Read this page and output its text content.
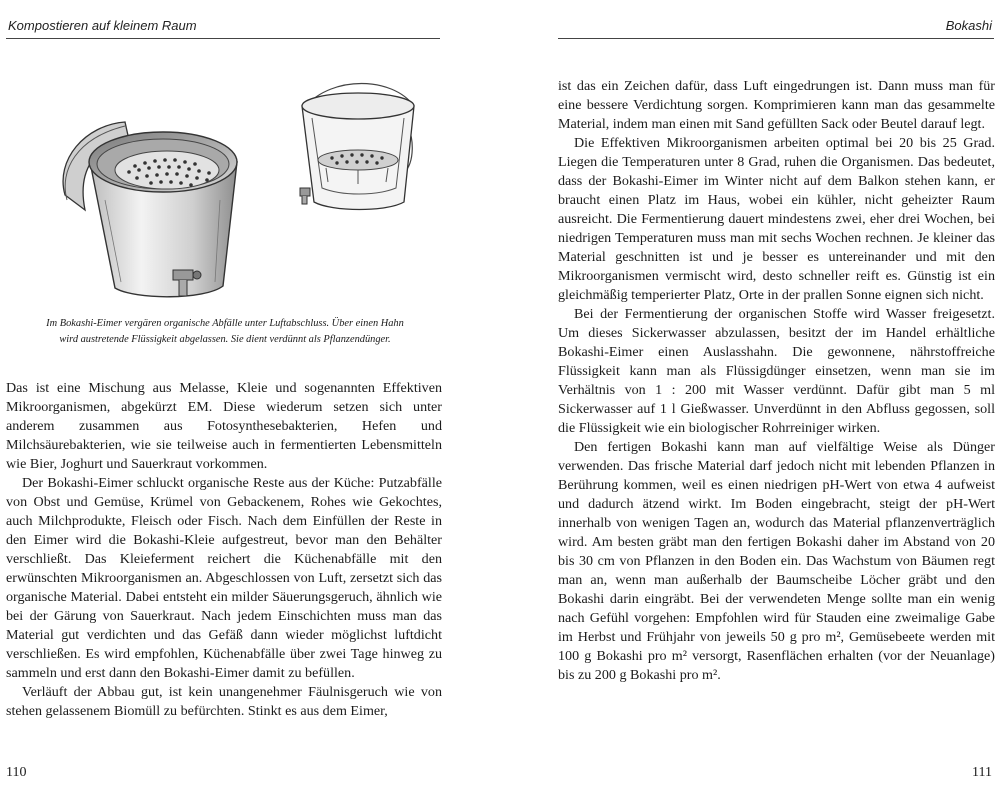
Kompostieren auf kleinem Raum
Im Bokashi-Eimer vergären organische Abfälle unter Luftabschluss. Über einen Hahn
wird austretende Flüssigkeit abgelassen. Sie dient verdünnt als Pflanzendünger.

Das ist eine Mischung aus Melasse, Kleie und sogenannten Effektiven Mikroorganismen, abgekürzt EM. Diese wiederum setzen sich unter anderem zusammen aus Fotosynthesebakterien, Hefen und Milchsäurebakterien, wie sie teilweise auch in fermentierten Lebensmitteln wie Bier, Joghurt und Sauerkraut vorkommen.

Der Bokashi-Eimer schluckt organische Reste aus der Küche: Putzabfälle von Obst und Gemüse, Krümel von Gebackenem, Rohes wie Gekochtes, auch Milchprodukte, Fleisch oder Fisch. Nach dem Einfüllen der Reste in den Eimer wird die Bokashi-Kleie aufgestreut, bevor man den Behälter verschließt. Das Kleieferment reichert die Küchenabfälle mit den erwünschten Mikroorganismen an. Abgeschlossen von Luft, zersetzt sich das organische Material. Dabei entsteht ein milder Säuerungsgeruch, ähnlich wie bei der Gärung von Sauerkraut. Nach jedem Einschichten muss man das Material gut verdichten und das Gefäß dann wieder möglichst luftdicht verschließen. Es wird empfohlen, Küchenabfälle über zwei Tage hinweg zu sammeln und erst dann den Bokashi-Eimer damit zu befüllen.

Verläuft der Abbau gut, ist kein unangenehmer Fäulnisgeruch wie von stehen gelassenem Biomüll zu befürchten. Stinkt es aus dem Eimer,

110
Bokashi

ist das ein Zeichen dafür, dass Luft eingedrungen ist. Dann muss man für eine bessere Verdichtung sorgen. Komprimieren kann man das gesammelte Material, indem man einen mit Sand gefüllten Sack oder Beutel darauf legt.

Die Effektiven Mikroorganismen arbeiten optimal bei 20 bis 25 Grad. Liegen die Temperaturen unter 8 Grad, ruhen die Organismen. Das bedeutet, dass der Bokashi-Eimer im Winter nicht auf dem Balkon stehen kann, er braucht einen Platz im Haus, wobei ein kühler, nicht geheizter Raum ausreicht. Die Fermentierung dauert mindestens zwei, eher drei Wochen, bei niedrigen Temperaturen muss man mit sechs Wochen rechnen. Je kleiner das Material geschnitten ist und je besser es untereinander und mit den Mikroorganismen vermischt wird, desto schneller reift es. Günstig ist ein gleichmäßig temperierter Platz, Orte in der prallen Sonne eignen sich nicht.

Bei der Fermentierung der organischen Stoffe wird Wasser freigesetzt. Um dieses Sickerwasser abzulassen, besitzt der im Handel erhältliche Bokashi-Eimer einen Auslasshahn. Die gewonnene, nährstoffreiche Flüssigkeit kann man als Flüssigdünger einsetzen, wenn man sie im Verhältnis von 1 : 200 mit Wasser verdünnt. Dafür gibt man 5 ml Sickerwasser auf 1 l Gießwasser. Unverdünnt in den Abfluss gegossen, soll die Flüssigkeit wie ein biologischer Rohrreiniger wirken.

Den fertigen Bokashi kann man auf vielfältige Weise als Dünger verwenden. Das frische Material darf jedoch nicht mit lebenden Pflanzen in Berührung kommen, weil es einen niedrigen pH-Wert von etwa 4 aufweist und dadurch ätzend wirkt. Im Boden eingebracht, steigt der pH-Wert innerhalb von wenigen Tagen an, wodurch das Material pflanzenverträglich wird. Am besten gräbt man den fertigen Bokashi daher im Abstand von 20 bis 30 cm von Pflanzen in den Boden ein. Das Wachstum von Bäumen regt man an, wenn man außerhalb der Baumscheibe Löcher gräbt und den Bokashi darin eingräbt. Bei der verwendeten Menge sollte man ein wenig nach Gefühl vorgehen: Empfohlen wird für Stauden eine zweimalige Gabe im Herbst und Frühjahr von jeweils 50 g pro m², Gemüsebeete werden mit 100 g Bokashi pro m² versorgt, Rasenflächen erhalten (vor der Neuanlage) bis zu 200 g Bokashi pro m².

111
